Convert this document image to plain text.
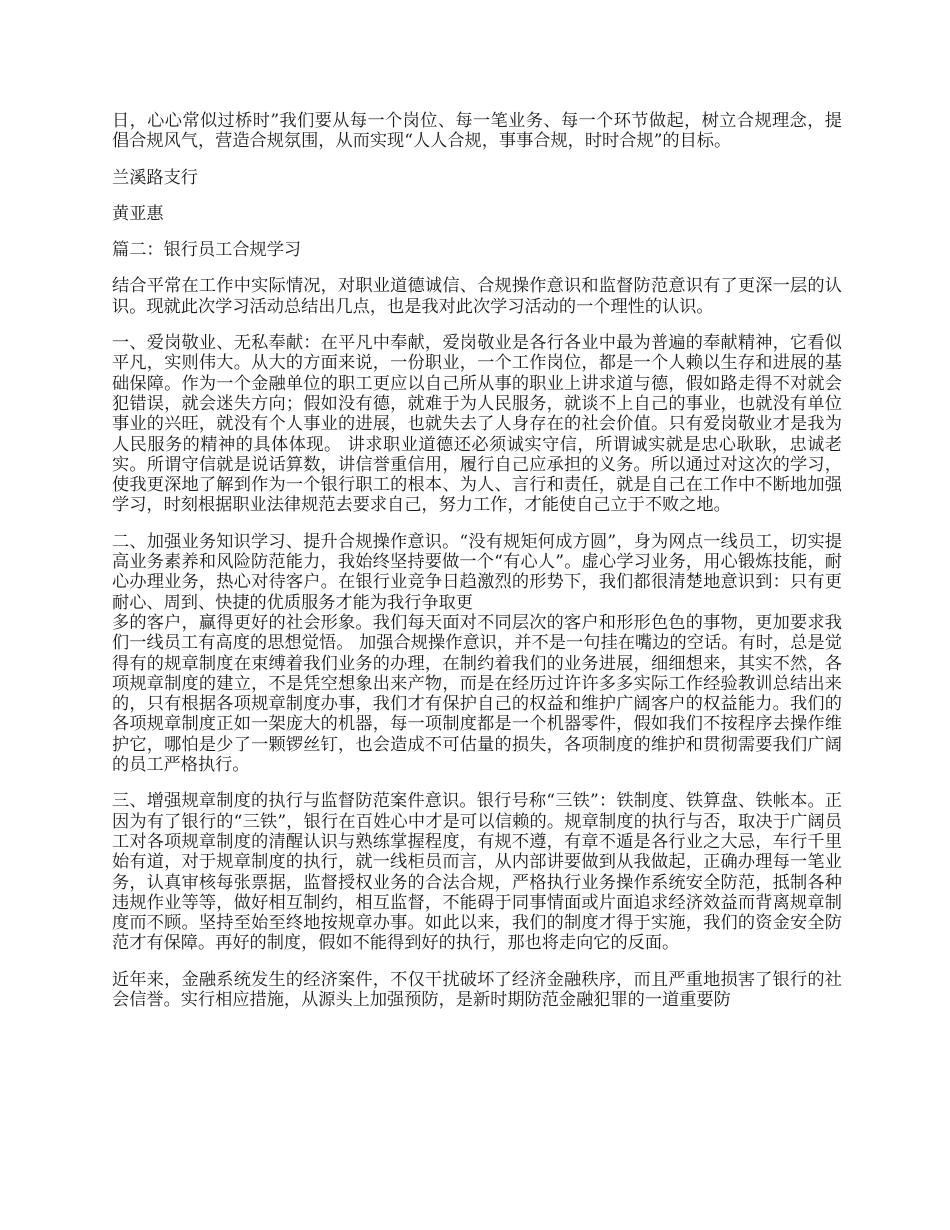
日，心心常似过桥时”我们要从每一个岗位、每一笔业务、每一个环节做起，树立合规理念，提倡合规风气，营造合规氛围，从而实现“人人合规，事事合规，时时合规”的目标。

兰溪路支行

黄亚惠

篇二：银行员工合规学习

结合平常在工作中实际情况，对职业道德诚信、合规操作意识和监督防范意识有了更深一层的认识。现就此次学习活动总结出几点，也是我对此次学习活动的一个理性的认识。

一、爱岗敬业、无私奉献：在平凡中奉献，爱岗敬业是各行各业中最为普遍的奉献精神，它看似平凡，实则伟大。从大的方面来说，一份职业，一个工作岗位，都是一个人赖以生存和进展的基础保障。作为一个金融单位的职工更应以自己所从事的职业上讲求道与德，假如路走得不对就会犯错误，就会迷失方向；假如没有德，就难于为人民服务，就谈不上自己的事业，也就没有单位事业的兴旺，就没有个人事业的进展，也就失去了人身存在的社会价值。只有爱岗敬业才是我为人民服务的精神的具体体现。 讲求职业道德还必须诚实守信，所谓诚实就是忠心耿耿，忠诚老实。所谓守信就是说话算数，讲信誉重信用，履行自己应承担的义务。所以通过对这次的学习，使我更深地了解到作为一个银行职工的根本、为人、言行和责任，就是自己在工作中不断地加强学习，时刻根据职业法律规范去要求自己，努力工作，才能使自己立于不败之地。

二、加强业务知识学习、提升合规操作意识。“没有规矩何成方圆”，身为网点一线员工，切实提高业务素养和风险防范能力，我始终坚持要做一个“有心人”。虚心学习业务，用心锻炼技能，耐心办理业务，热心对待客户。在银行业竞争日趋激烈的形势下，我们都很清楚地意识到：只有更耐心、周到、快捷的优质服务才能为我行争取更

多的客户，赢得更好的社会形象。我们每天面对不同层次的客户和形形色色的事物，更加要求我们一线员工有高度的思想觉悟。 加强合规操作意识，并不是一句挂在嘴边的空话。有时，总是觉得有的规章制度在束缚着我们业务的办理，在制约着我们的业务进展，细细想来，其实不然，各项规章制度的建立，不是凭空想象出来产物，而是在经历过许许多多实际工作经验教训总结出来的，只有根据各项规章制度办事，我们才有保护自己的权益和维护广阔客户的权益能力。我们的各项规章制度正如一架庞大的机器，每一项制度都是一个机器零件，假如我们不按程序去操作维护它，哪怕是少了一颗锣丝钉，也会造成不可估量的损失，各项制度的维护和贯彻需要我们广阔的员工严格执行。

三、增强规章制度的执行与监督防范案件意识。银行号称“三铁”：铁制度、铁算盘、铁帐本。正因为有了银行的“三铁”，银行在百姓心中才是可以信赖的。规章制度的执行与否，取决于广阔员工对各项规章制度的清醒认识与熟练掌握程度，有规不遵，有章不遁是各行业之大忌，车行千里始有道，对于规章制度的执行，就一线柜员而言，从内部讲要做到从我做起，正确办理每一笔业务，认真审核每张票据，监督授权业务的合法合规，严格执行业务操作系统安全防范，抵制各种违规作业等等，做好相互制约，相互监督，不能碍于同事情面或片面追求经济效益而背离规章制度而不顾。坚持至始至终地按规章办事。如此以来，我们的制度才得于实施，我们的资金安全防范才有保障。再好的制度，假如不能得到好的执行，那也将走向它的反面。

近年来，金融系统发生的经济案件，不仅干扰破坏了经济金融秩序，而且严重地损害了银行的社会信誉。实行相应措施，从源头上加强预防，是新时期防范金融犯罪的一道重要防
